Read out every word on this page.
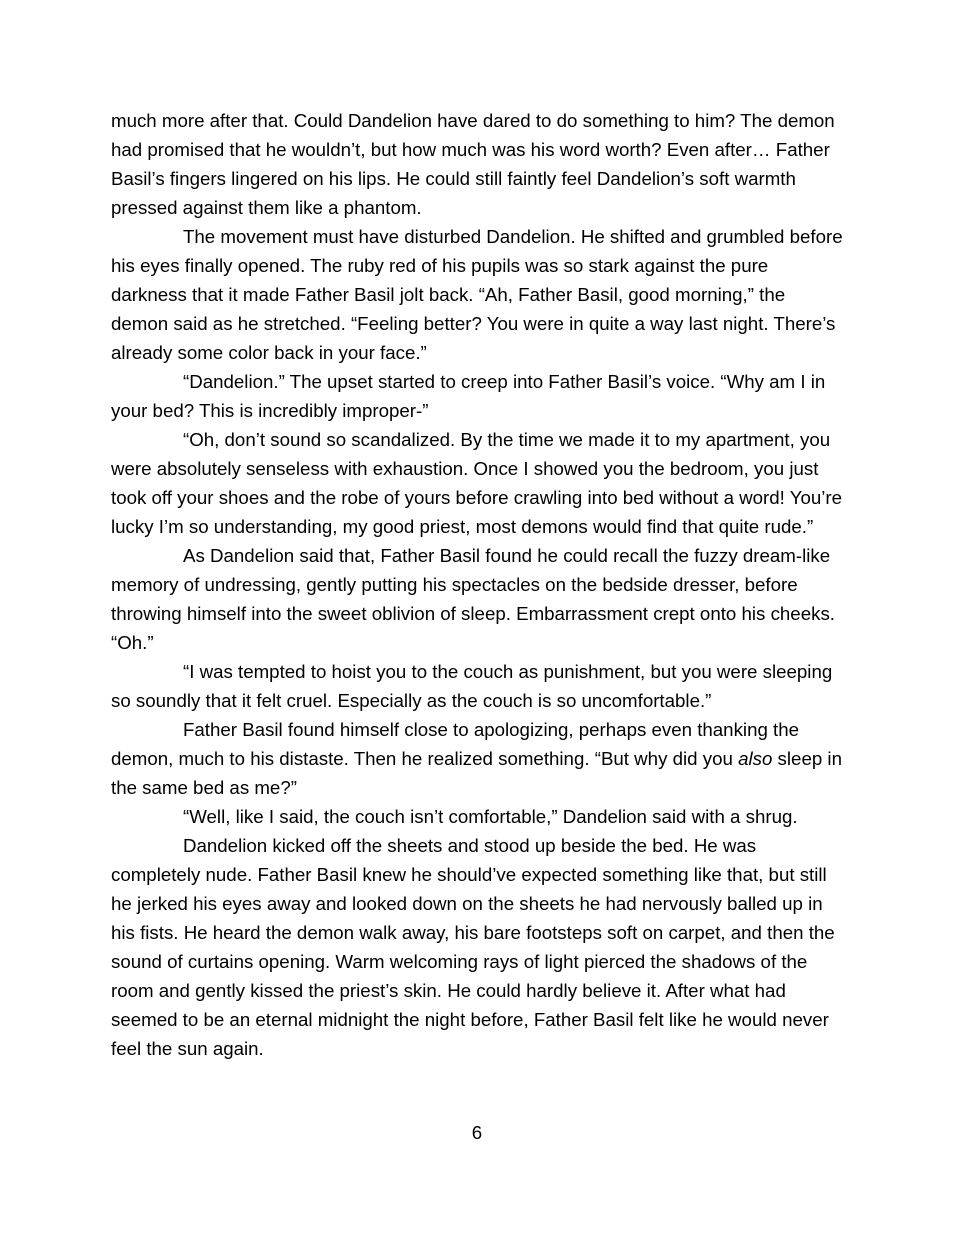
much more after that. Could Dandelion have dared to do something to him? The demon had promised that he wouldn’t, but how much was his word worth? Even after… Father Basil’s fingers lingered on his lips. He could still faintly feel Dandelion’s soft warmth pressed against them like a phantom.

The movement must have disturbed Dandelion. He shifted and grumbled before his eyes finally opened. The ruby red of his pupils was so stark against the pure darkness that it made Father Basil jolt back. “Ah, Father Basil, good morning,” the demon said as he stretched. “Feeling better? You were in quite a way last night. There’s already some color back in your face.”

“Dandelion.” The upset started to creep into Father Basil’s voice. “Why am I in your bed? This is incredibly improper-”

“Oh, don’t sound so scandalized. By the time we made it to my apartment, you were absolutely senseless with exhaustion. Once I showed you the bedroom, you just took off your shoes and the robe of yours before crawling into bed without a word! You’re lucky I’m so understanding, my good priest, most demons would find that quite rude.”

As Dandelion said that, Father Basil found he could recall the fuzzy dream-like memory of undressing, gently putting his spectacles on the bedside dresser, before throwing himself into the sweet oblivion of sleep. Embarrassment crept onto his cheeks. “Oh.”

“I was tempted to hoist you to the couch as punishment, but you were sleeping so soundly that it felt cruel. Especially as the couch is so uncomfortable.”

Father Basil found himself close to apologizing, perhaps even thanking the demon, much to his distaste. Then he realized something. “But why did you also sleep in the same bed as me?”

“Well, like I said, the couch isn’t comfortable,” Dandelion said with a shrug.

Dandelion kicked off the sheets and stood up beside the bed. He was completely nude. Father Basil knew he should’ve expected something like that, but still he jerked his eyes away and looked down on the sheets he had nervously balled up in his fists. He heard the demon walk away, his bare footsteps soft on carpet, and then the sound of curtains opening. Warm welcoming rays of light pierced the shadows of the room and gently kissed the priest’s skin. He could hardly believe it. After what had seemed to be an eternal midnight the night before, Father Basil felt like he would never feel the sun again.

6
